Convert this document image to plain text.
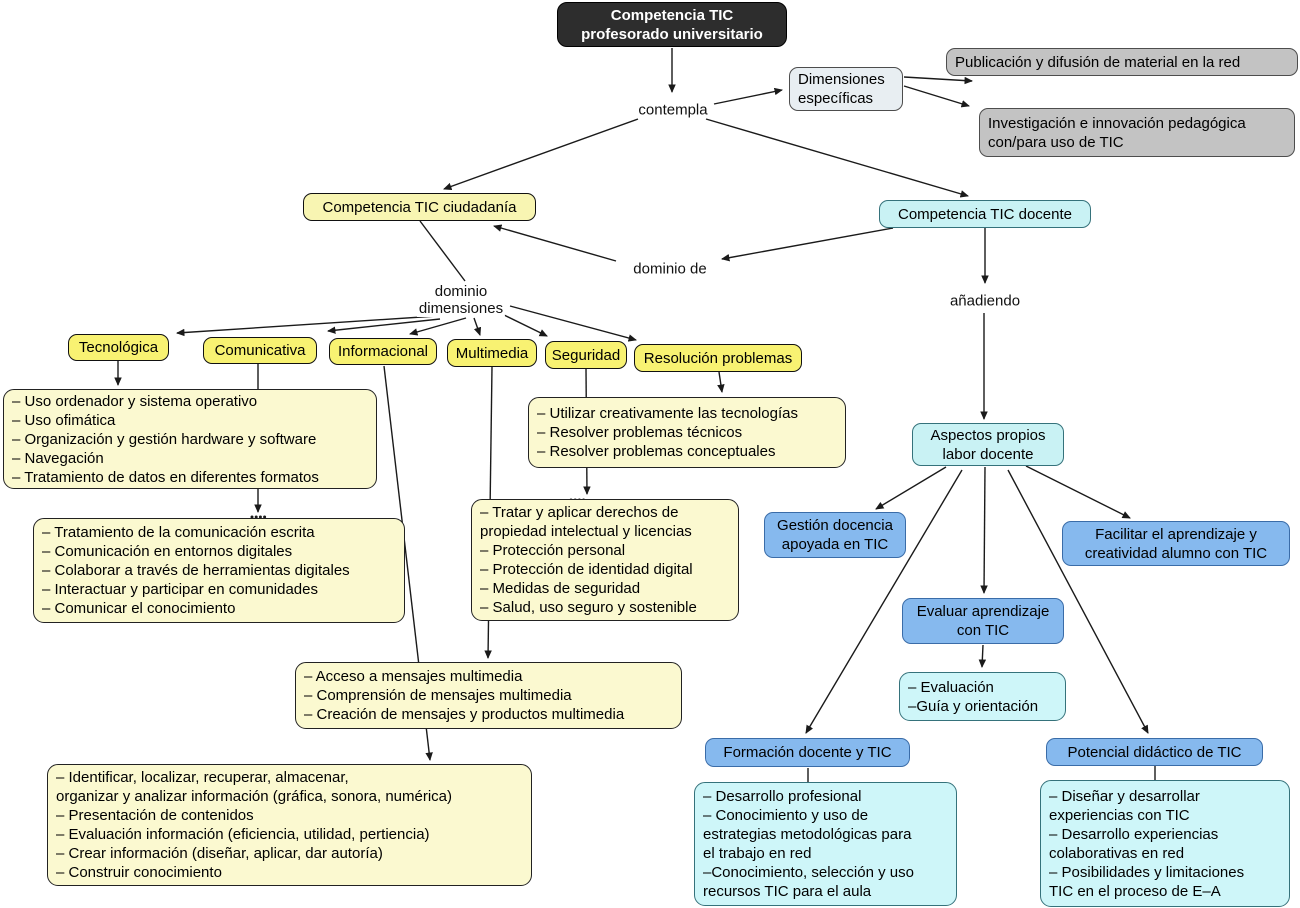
Competencia TIC
profesorado universitario
Dimensiones
específicas
Publicación y difusión de material en la red
Investigación e innovación pedagógica
con/para uso de TIC
Competencia TIC ciudadanía	Competencia TIC docente
Tecnológica	Comunicativa	Informacional	Multimedia	Seguridad	Resolución problemas
– Uso ordenador y sistema operativo
– Uso ofimática
– Organización y gestión hardware y software
– Navegación
– Tratamiento de datos en diferentes formatos
– Utilizar creativamente las tecnologías
– Resolver problemas técnicos
– Resolver problemas conceptuales
– Tratamiento de la comunicación escrita
– Comunicación en entornos digitales
– Colaborar a través de herramientas digitales
– Interactuar y participar en comunidades
– Comunicar el conocimiento
– Tratar y aplicar derechos de
propiedad intelectual y licencias
– Protección personal
– Protección de identidad digital
– Medidas de seguridad
– Salud, uso seguro y sostenible
– Acceso a mensajes multimedia
– Comprensión de mensajes multimedia
– Creación de mensajes y productos multimedia
– Identificar, localizar, recuperar, almacenar,
organizar y analizar información (gráfica, sonora, numérica)
– Presentación de contenidos
– Evaluación información (eficiencia, utilidad, pertiencia)
– Crear información (diseñar, aplicar, dar autoría)
– Construir conocimiento
Aspectos propios
labor docente
Gestión docencia
apoyada en TIC
Facilitar el aprendizaje y
creatividad alumno con TIC
Evaluar aprendizaje
con TIC
– Evaluación
–Guía y orientación
Formación docente y TIC
– Desarrollo profesional
– Conocimiento y uso de
estrategias metodológicas para
el trabajo en red
–Conocimiento, selección y uso
recursos TIC para el aula
Potencial didáctico de TIC
– Diseñar y desarrollar
experiencias con TIC
– Desarrollo experiencias
colaborativas en red
– Posibilidades y limitaciones
TIC en el proceso de E–A
contempla
dominio de
dominio
dimensiones	añadiendo
